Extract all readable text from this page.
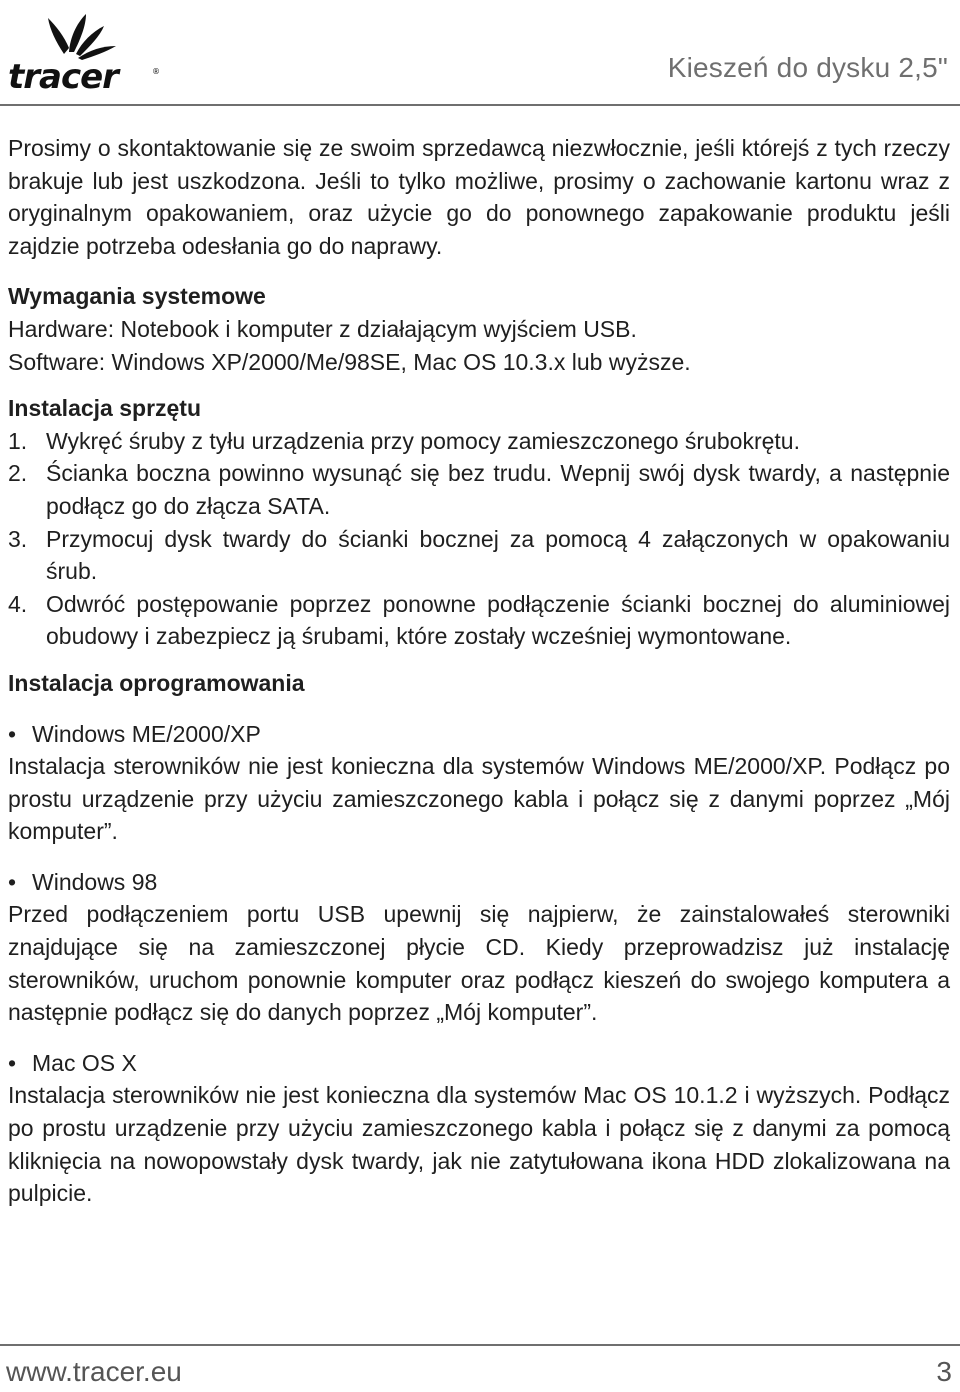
tracer	®	Kieszeń do dysku 2,5"

Prosimy o skontaktowanie się ze swoim sprzedawcą niezwłocznie, jeśli którejś z tych rzeczy brakuje lub jest uszkodzona. Jeśli to tylko możliwe, prosimy o zachowanie kartonu wraz z oryginalnym opakowaniem, oraz użycie go do ponownego zapakowanie produktu jeśli zajdzie potrzeba odesłania go do naprawy.

Wymagania systemowe

Hardware: Notebook i komputer z działającym wyjściem USB.

Software: Windows XP/2000/Me/98SE, Mac OS 10.3.x lub wyższe.

Instalacja sprzętu

1. Wykręć śruby z tyłu urządzenia przy pomocy zamieszczonego śrubokrętu.
2. Ścianka boczna powinno wysunąć się bez trudu. Wepnij swój dysk twardy, a następnie podłącz go do złącza SATA.
3. Przymocuj dysk twardy do ścianki bocznej za pomocą 4 załączonych w opakowaniu śrub.
4. Odwróć postępowanie poprzez ponowne podłączenie ścianki bocznej do aluminiowej obudowy i zabezpiecz ją śrubami, które zostały wcześniej wymontowane.

Instalacja oprogramowania

• Windows ME/2000/XP

Instalacja sterowników nie jest konieczna dla systemów Windows ME/2000/XP. Podłącz po prostu urządzenie przy użyciu zamieszczonego kabla i połącz się z danymi poprzez „Mój komputer”.

• Windows 98

Przed podłączeniem portu USB upewnij się najpierw, że zainstalowałeś sterowniki znajdujące się na zamieszczonej płycie CD. Kiedy przeprowadzisz już instalację sterowników, uruchom ponownie komputer oraz podłącz kieszeń do swojego komputera a następnie podłącz się do danych poprzez „Mój komputer”.

• Mac OS X

Instalacja sterowników nie jest konieczna dla systemów Mac OS 10.1.2 i wyższych. Podłącz po prostu urządzenie przy użyciu zamieszczonego kabla i połącz się z danymi za pomocą kliknięcia na nowopowstały dysk twardy, jak nie zatytułowana ikona HDD zlokalizowana na pulpicie.

www.tracer.eu	3
